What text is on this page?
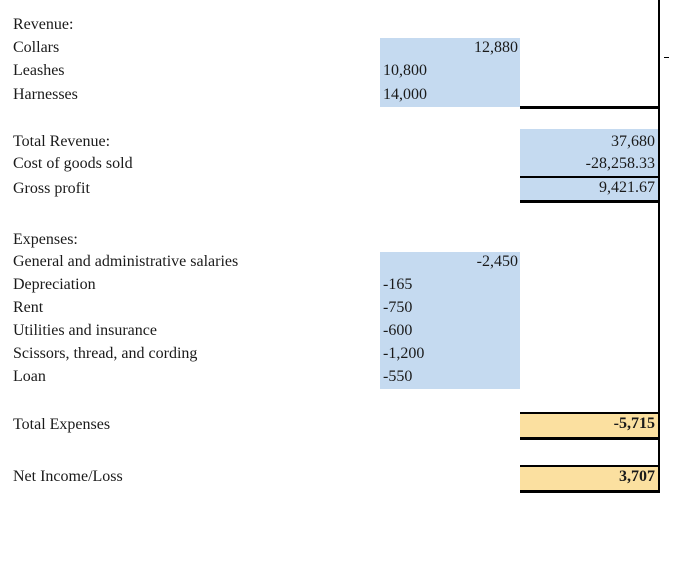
Revenue:
Collars
Leashes
Harnesses
12,880
10,800
14,000
Total Revenue:
Cost of goods sold
Gross profit
37,680
-28,258.33
9,421.67
Expenses:
General and administrative salaries
Depreciation
Rent
Utilities and insurance
Scissors, thread, and cording
Loan
-2,450
-165
-750
-600
-1,200
-550
Total Expenses	-5,715
Net Income/Loss	3,707
